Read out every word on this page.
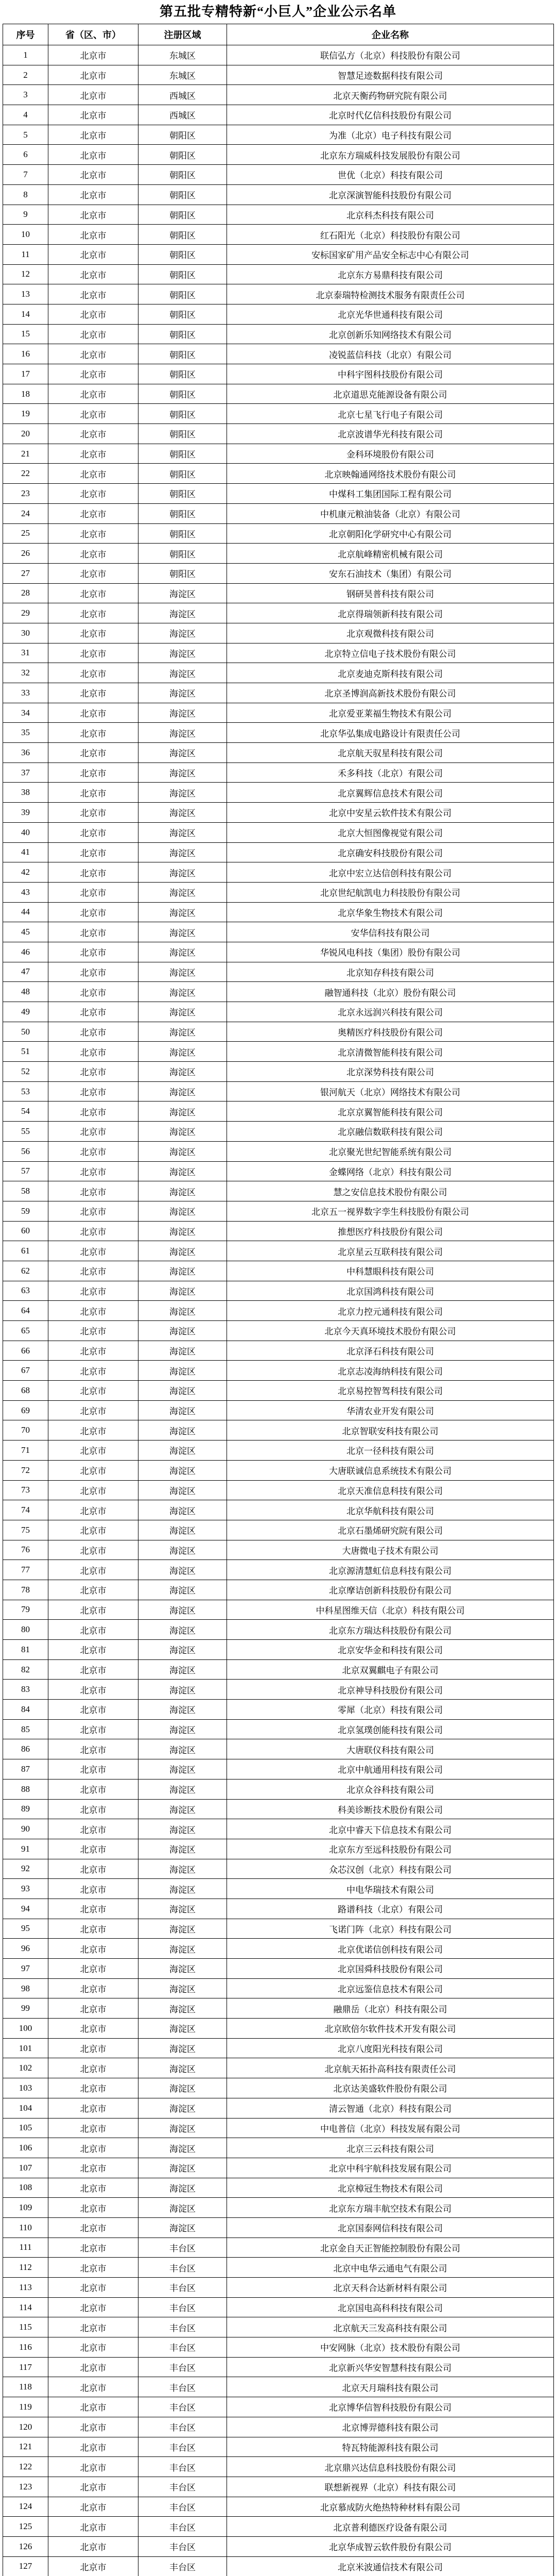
第五批专精特新“小巨人”企业公示名单
序号	省（区、市）	注册区域	企业名称
1	北京市	东城区	联信弘方（北京）科技股份有限公司
2	北京市	东城区	智慧足迹数据科技有限公司
3	北京市	西城区	北京天衡药物研究院有限公司
4	北京市	西城区	北京时代亿信科技股份有限公司
5	北京市	朝阳区	为准（北京）电子科技有限公司
6	北京市	朝阳区	北京东方瑞威科技发展股份有限公司
7	北京市	朝阳区	世优（北京）科技有限公司
8	北京市	朝阳区	北京深演智能科技股份有限公司
9	北京市	朝阳区	北京科杰科技有限公司
10	北京市	朝阳区	红石阳光（北京）科技股份有限公司
11	北京市	朝阳区	安标国家矿用产品安全标志中心有限公司
12	北京市	朝阳区	北京东方易鼎科技有限公司
13	北京市	朝阳区	北京泰瑞特检测技术服务有限责任公司
14	北京市	朝阳区	北京光华世通科技有限公司
15	北京市	朝阳区	北京创新乐知网络技术有限公司
16	北京市	朝阳区	凌锐蓝信科技（北京）有限公司
17	北京市	朝阳区	中科宇图科技股份有限公司
18	北京市	朝阳区	北京道思克能源设备有限公司
19	北京市	朝阳区	北京七星飞行电子有限公司
20	北京市	朝阳区	北京波谱华光科技有限公司
21	北京市	朝阳区	金科环境股份有限公司
22	北京市	朝阳区	北京映翰通网络技术股份有限公司
23	北京市	朝阳区	中煤科工集团国际工程有限公司
24	北京市	朝阳区	中机康元粮油装备（北京）有限公司
25	北京市	朝阳区	北京朝阳化学研究中心有限公司
26	北京市	朝阳区	北京航峰精密机械有限公司
27	北京市	朝阳区	安东石油技术（集团）有限公司
28	北京市	海淀区	钢研昊普科技有限公司
29	北京市	海淀区	北京得瑞领新科技有限公司
30	北京市	海淀区	北京观微科技有限公司
31	北京市	海淀区	北京特立信电子技术股份有限公司
32	北京市	海淀区	北京麦迪克斯科技有限公司
33	北京市	海淀区	北京圣博润高新技术股份有限公司
34	北京市	海淀区	北京爱亚莱福生物技术有限公司
35	北京市	海淀区	北京华弘集成电路设计有限责任公司
36	北京市	海淀区	北京航天驭星科技有限公司
37	北京市	海淀区	禾多科技（北京）有限公司
38	北京市	海淀区	北京翼辉信息技术有限公司
39	北京市	海淀区	北京中安星云软件技术有限公司
40	北京市	海淀区	北京大恒图像视觉有限公司
41	北京市	海淀区	北京确安科技股份有限公司
42	北京市	海淀区	北京中宏立达信创科技有限公司
43	北京市	海淀区	北京世纪航凯电力科技股份有限公司
44	北京市	海淀区	北京华象生物技术有限公司
45	北京市	海淀区	安华信科技有限公司
46	北京市	海淀区	华锐风电科技（集团）股份有限公司
47	北京市	海淀区	北京知存科技有限公司
48	北京市	海淀区	融智通科技（北京）股份有限公司
49	北京市	海淀区	北京永远润兴科技有限公司
50	北京市	海淀区	奥精医疗科技股份有限公司
51	北京市	海淀区	北京清微智能科技有限公司
52	北京市	海淀区	北京深势科技有限公司
53	北京市	海淀区	银河航天（北京）网络技术有限公司
54	北京市	海淀区	北京京翼智能科技有限公司
55	北京市	海淀区	北京融信数联科技有限公司
56	北京市	海淀区	北京聚光世纪智能系统有限公司
57	北京市	海淀区	金蝶网络（北京）科技有限公司
58	北京市	海淀区	慧之安信息技术股份有限公司
59	北京市	海淀区	北京五一视界数字孪生科技股份有限公司
60	北京市	海淀区	推想医疗科技股份有限公司
61	北京市	海淀区	北京星云互联科技有限公司
62	北京市	海淀区	中科慧眼科技有限公司
63	北京市	海淀区	北京国鸿科技有限公司
64	北京市	海淀区	北京力控元通科技有限公司
65	北京市	海淀区	北京今天真环境技术股份有限公司
66	北京市	海淀区	北京泽石科技有限公司
67	北京市	海淀区	北京志凌海纳科技有限公司
68	北京市	海淀区	北京易控智驾科技有限公司
69	北京市	海淀区	华清农业开发有限公司
70	北京市	海淀区	北京智联安科技有限公司
71	北京市	海淀区	北京一径科技有限公司
72	北京市	海淀区	大唐联诚信息系统技术有限公司
73	北京市	海淀区	北京天准信息科技有限公司
74	北京市	海淀区	北京华航科技有限公司
75	北京市	海淀区	北京石墨烯研究院有限公司
76	北京市	海淀区	大唐微电子技术有限公司
77	北京市	海淀区	北京源清慧虹信息科技有限公司
78	北京市	海淀区	北京摩诘创新科技股份有限公司
79	北京市	海淀区	中科星图维天信（北京）科技有限公司
80	北京市	海淀区	北京东方瑞达科技股份有限公司
81	北京市	海淀区	北京安华金和科技有限公司
82	北京市	海淀区	北京双翼麒电子有限公司
83	北京市	海淀区	北京神导科技股份有限公司
84	北京市	海淀区	零犀（北京）科技有限公司
85	北京市	海淀区	北京氢璞创能科技有限公司
86	北京市	海淀区	大唐联仪科技有限公司
87	北京市	海淀区	北京中航通用科技有限公司
88	北京市	海淀区	北京众谷科技有限公司
89	北京市	海淀区	科美诊断技术股份有限公司
90	北京市	海淀区	北京中睿天下信息技术有限公司
91	北京市	海淀区	北京东方至远科技股份有限公司
92	北京市	海淀区	众芯汉创（北京）科技有限公司
93	北京市	海淀区	中电华瑞技术有限公司
94	北京市	海淀区	路谱科技（北京）有限公司
95	北京市	海淀区	飞诺门阵（北京）科技有限公司
96	北京市	海淀区	北京优诺信创科技有限公司
97	北京市	海淀区	北京国舜科技股份有限公司
98	北京市	海淀区	北京远鉴信息技术有限公司
99	北京市	海淀区	融鼎岳（北京）科技有限公司
100	北京市	海淀区	北京欧倍尔软件技术开发有限公司
101	北京市	海淀区	北京八度阳光科技有限公司
102	北京市	海淀区	北京航天拓扑高科技有限责任公司
103	北京市	海淀区	北京达美盛软件股份有限公司
104	北京市	海淀区	清云智通（北京）科技有限公司
105	北京市	海淀区	中电普信（北京）科技发展有限公司
106	北京市	海淀区	北京三云科技有限公司
107	北京市	海淀区	北京中科宇航科技发展有限公司
108	北京市	海淀区	北京樟冠生物技术有限公司
109	北京市	海淀区	北京东方瑞丰航空技术有限公司
110	北京市	海淀区	北京国泰网信科技有限公司
111	北京市	丰台区	北京金自天正智能控制股份有限公司
112	北京市	丰台区	北京中电华云通电气有限公司
113	北京市	丰台区	北京天科合达新材料有限公司
114	北京市	丰台区	北京国电高科科技有限公司
115	北京市	丰台区	北京航天三发高科技有限公司
116	北京市	丰台区	中安网脉（北京）技术股份有限公司
117	北京市	丰台区	北京新兴华安智慧科技有限公司
118	北京市	丰台区	北京天月瑞科技有限公司
119	北京市	丰台区	北京博华信智科技股份有限公司
120	北京市	丰台区	北京博羿德科技有限公司
121	北京市	丰台区	特瓦特能源科技有限公司
122	北京市	丰台区	北京鼎兴达信息科技股份有限公司
123	北京市	丰台区	联想新视界（北京）科技有限公司
124	北京市	丰台区	北京慕成防火绝热特种材料有限公司
125	北京市	丰台区	北京普利德医疗设备有限公司
126	北京市	丰台区	北京华成智云软件股份有限公司
127	北京市	丰台区	北京米波通信技术有限公司
